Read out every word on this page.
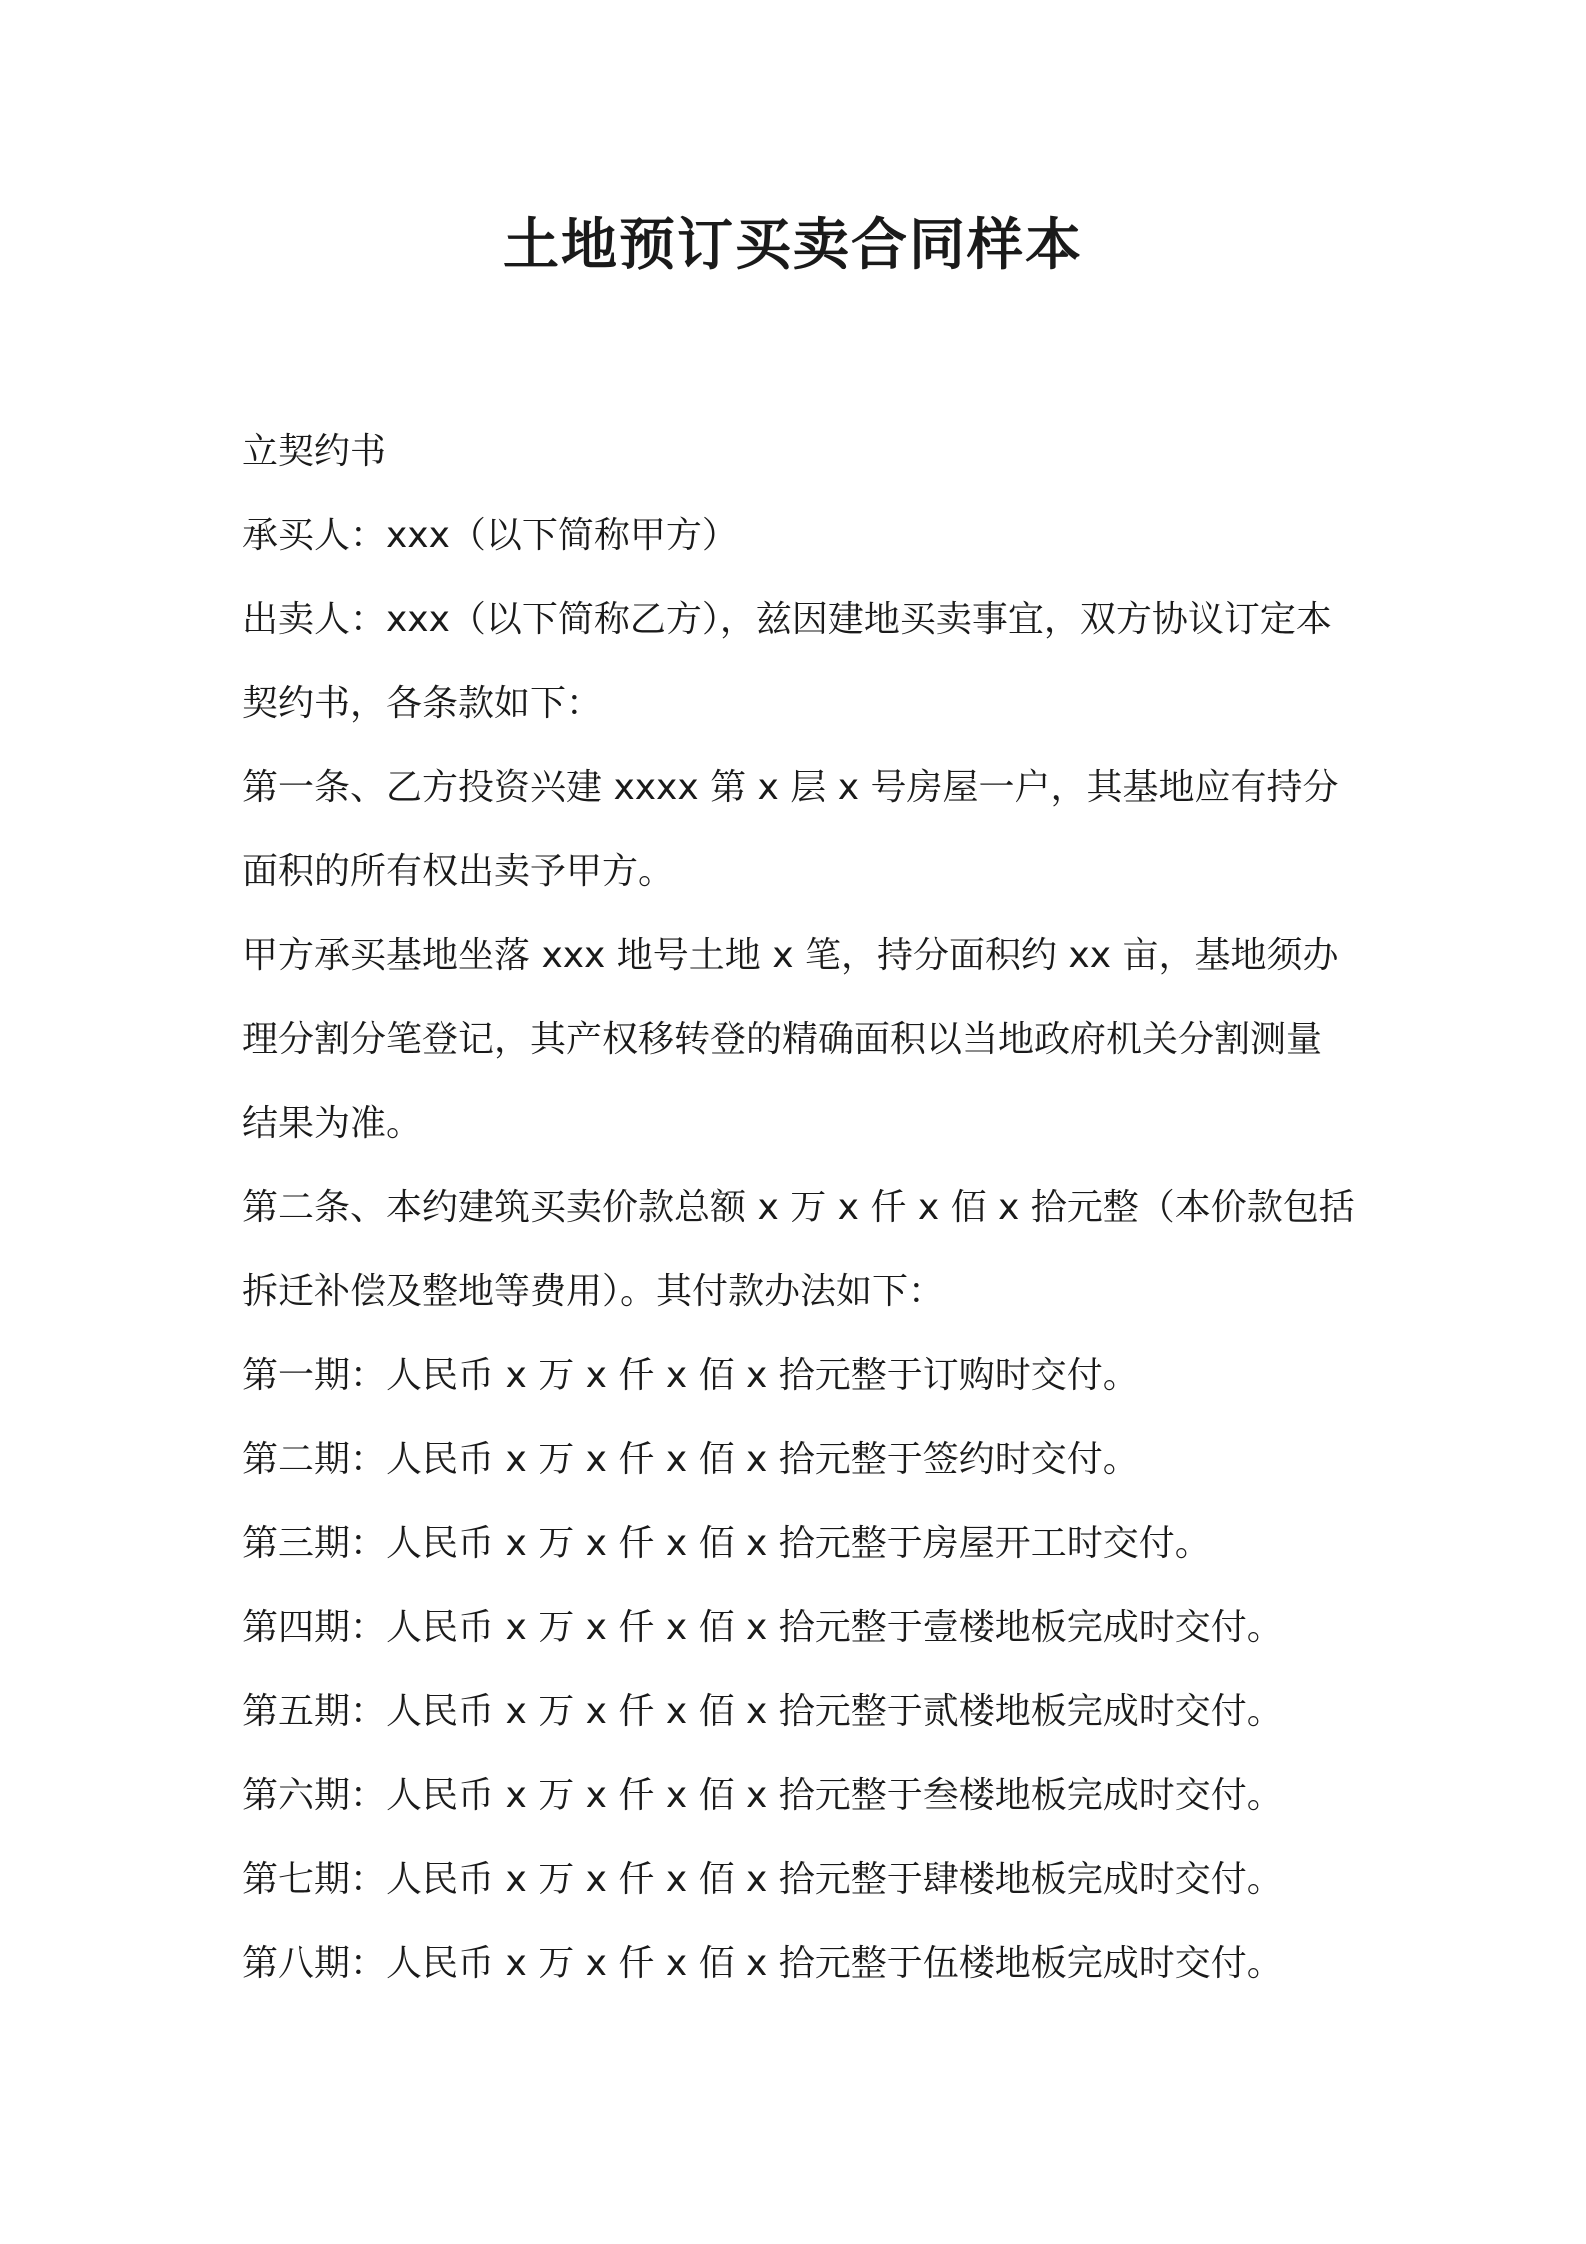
土地预订买卖合同样本

立契约书

承买人：xxx（以下简称甲方）

出卖人：xxx（以下简称乙方），兹因建地买卖事宜，双方协议订定本
契约书，各条款如下：

第一条、乙方投资兴建 xxxx 第 x 层 x 号房屋一户，其基地应有持分
面积的所有权出卖予甲方。

甲方承买基地坐落 xxx 地号土地 x 笔，持分面积约 xx 亩，基地须办
理分割分笔登记，其产权移转登的精确面积以当地政府机关分割测量
结果为准。

第二条、本约建筑买卖价款总额 x 万 x 仟 x 佰 x 拾元整（本价款包括
拆迁补偿及整地等费用）。其付款办法如下：

第一期：人民币 x 万 x 仟 x 佰 x 拾元整于订购时交付。

第二期：人民币 x 万 x 仟 x 佰 x 拾元整于签约时交付。

第三期：人民币 x 万 x 仟 x 佰 x 拾元整于房屋开工时交付。

第四期：人民币 x 万 x 仟 x 佰 x 拾元整于壹楼地板完成时交付。

第五期：人民币 x 万 x 仟 x 佰 x 拾元整于贰楼地板完成时交付。

第六期：人民币 x 万 x 仟 x 佰 x 拾元整于叁楼地板完成时交付。

第七期：人民币 x 万 x 仟 x 佰 x 拾元整于肆楼地板完成时交付。

第八期：人民币 x 万 x 仟 x 佰 x 拾元整于伍楼地板完成时交付。
